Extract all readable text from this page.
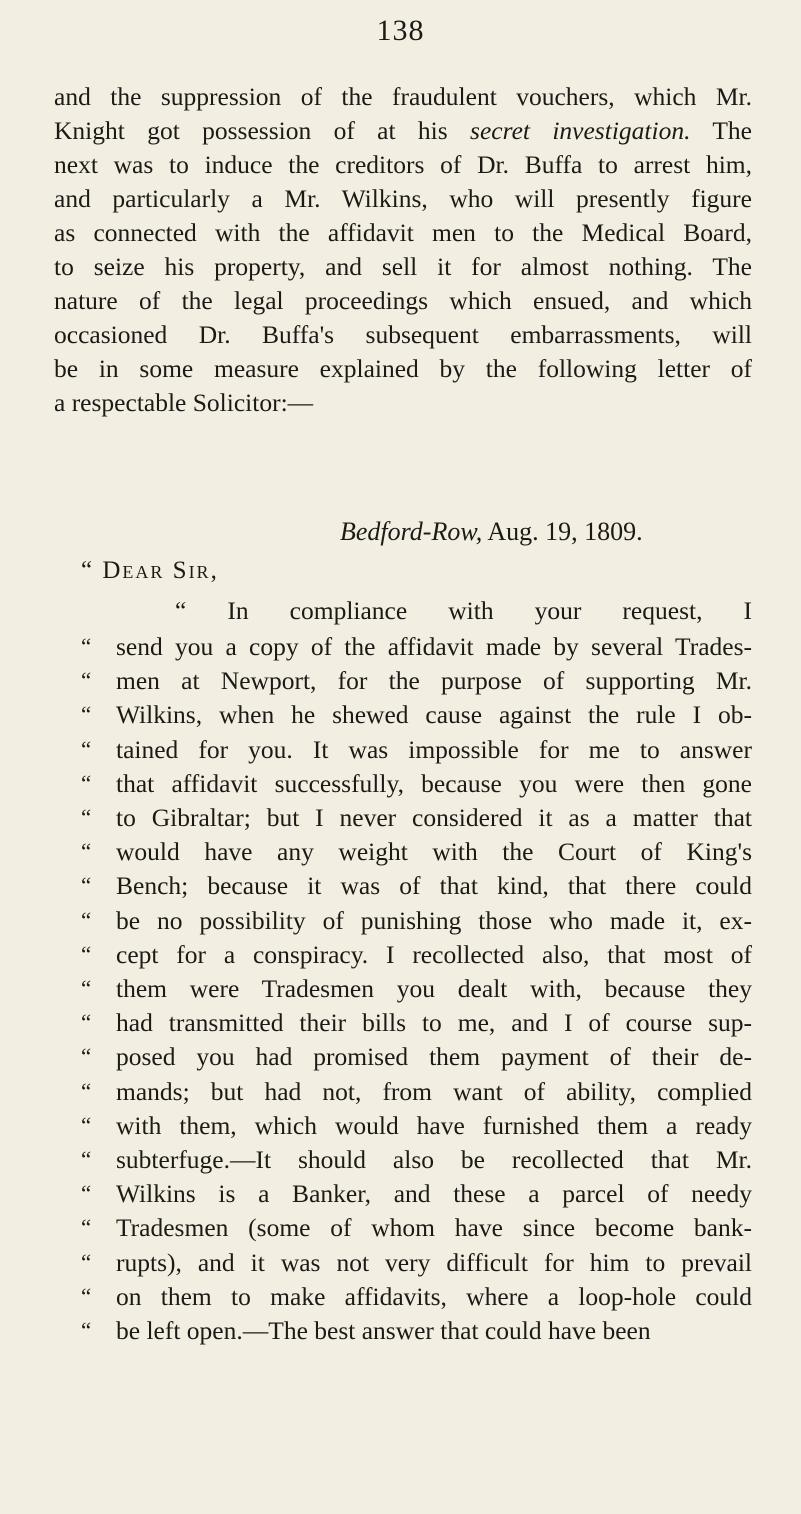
138
and the suppression of the fraudulent vouchers, which Mr.
Knight got possession of at his secret investigation. The
next was to induce the creditors of Dr. Buffa to arrest him,
and particularly a Mr. Wilkins, who will presently figure
as connected with the affidavit men to the Medical Board,
to seize his property, and sell it for almost nothing. The
nature of the legal proceedings which ensued, and which
occasioned Dr. Buffa's subsequent embarrassments, will
be in some measure explained by the following letter of
a respectable Solicitor:—
Bedford-Row, Aug. 19, 1809.
“ Dear Sir,
“ In compliance with your request, I
“ send you a copy of the affidavit made by several Trades-
“ men at Newport, for the purpose of supporting Mr.
“ Wilkins, when he shewed cause against the rule I ob-
“ tained for you. It was impossible for me to answer
“ that affidavit successfully, because you were then gone
“ to Gibraltar; but I never considered it as a matter that
“ would have any weight with the Court of King's
“ Bench; because it was of that kind, that there could
“ be no possibility of punishing those who made it, ex-
“ cept for a conspiracy. I recollected also, that most of
“ them were Tradesmen you dealt with, because they
“ had transmitted their bills to me, and I of course sup-
“ posed you had promised them payment of their de-
“ mands; but had not, from want of ability, complied
“ with them, which would have furnished them a ready
“ subterfuge.—It should also be recollected that Mr.
“ Wilkins is a Banker, and these a parcel of needy
“ Tradesmen (some of whom have since become bank-
“ rupts), and it was not very difficult for him to prevail
“ on them to make affidavits, where a loop-hole could
“ be left open.—The best answer that could have been
